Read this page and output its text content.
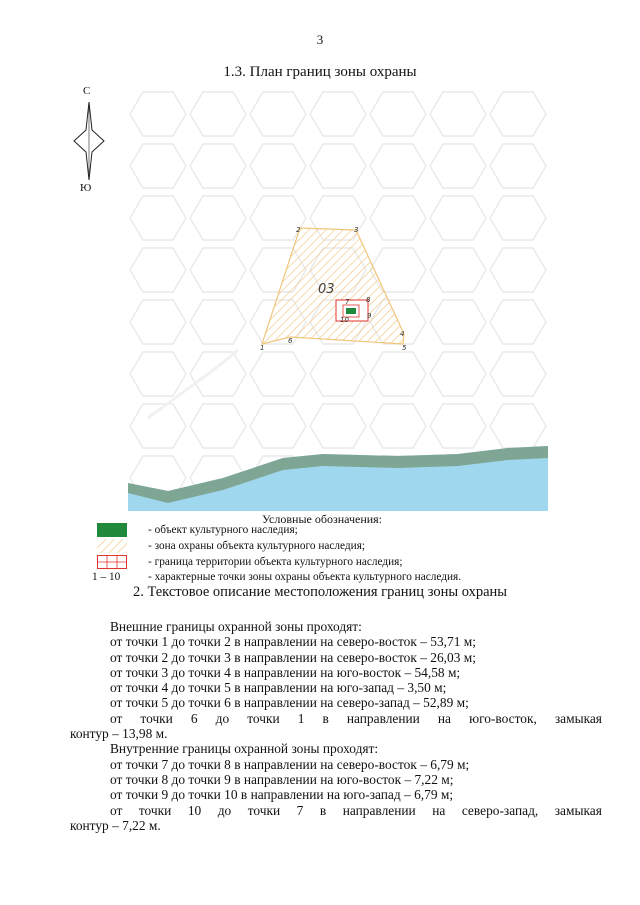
3
1.3. План границ зоны охраны
С
Ю
03
1
2	3
4
5
6
7 8
9
10
Условные обозначения:
- объект культурного наследия;
- зона охраны объекта культурного наследия;
- граница территории объекта культурного наследия;
1 – 10	- характерные точки зоны охраны объекта культурного наследия.
2. Текстовое описание местоположения границ зоны охраны
Внешние границы охранной зоны проходят:
от точки 1 до точки 2 в направлении на северо-восток – 53,71 м;
от точки 2 до точки 3 в направлении на северо-восток – 26,03 м;
от точки 3 до точки 4 в направлении на юго-восток – 54,58 м;
от точки 4 до точки 5 в направлении на юго-запад – 3,50 м;
от точки 5 до точки 6 в направлении на северо-запад – 52,89 м;
от точки 6 до точки 1 в направлении на юго-восток, замыкая
контур – 13,98 м.
Внутренние границы охранной зоны проходят:
от точки 7 до точки 8 в направлении на северо-восток – 6,79 м;
от точки 8 до точки 9 в направлении на юго-восток – 7,22 м;
от точки 9 до точки 10 в направлении на юго-запад – 6,79 м;
от точки 10 до точки 7 в направлении на северо-запад, замыкая
контур – 7,22 м.
